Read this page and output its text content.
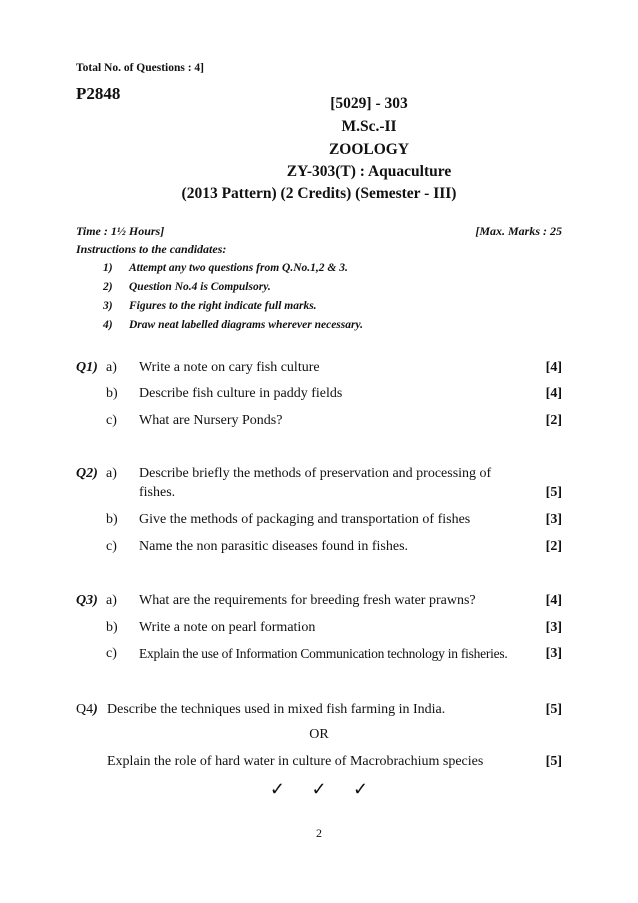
Total No. of Questions : 4]
P2848
[5029] - 303
M.Sc.-II
ZOOLOGY
ZY-303(T) : Aquaculture
(2013 Pattern) (2 Credits) (Semester - III)
Time : 1½ Hours]	[Max. Marks : 25
Instructions to the candidates:
1) Attempt any two questions from Q.No.1,2 & 3.
2) Question No.4 is Compulsory.
3) Figures to the right indicate full marks.
4) Draw neat labelled diagrams wherever necessary.
Q1) a) Write a note on cary fish culture	[4]
b) Describe fish culture in paddy fields	[4]
c) What are Nursery Ponds?	[2]
Q2) a) Describe briefly the methods of preservation and processing of
fishes.	[5]
b) Give the methods of packaging and transportation of fishes	[3]
c) Name the non parasitic diseases found in fishes.	[2]
Q3) a) What are the requirements for breeding fresh water prawns?	[4]
b) Write a note on pearl formation	[3]
c) Explain the use of Information Communication technology in fisheries.	[3]
Q4) Describe the techniques used in mixed fish farming in India.	[5]
OR
Explain the role of hard water in culture of Macrobrachium species	[5]
✓ ✓ ✓
2
